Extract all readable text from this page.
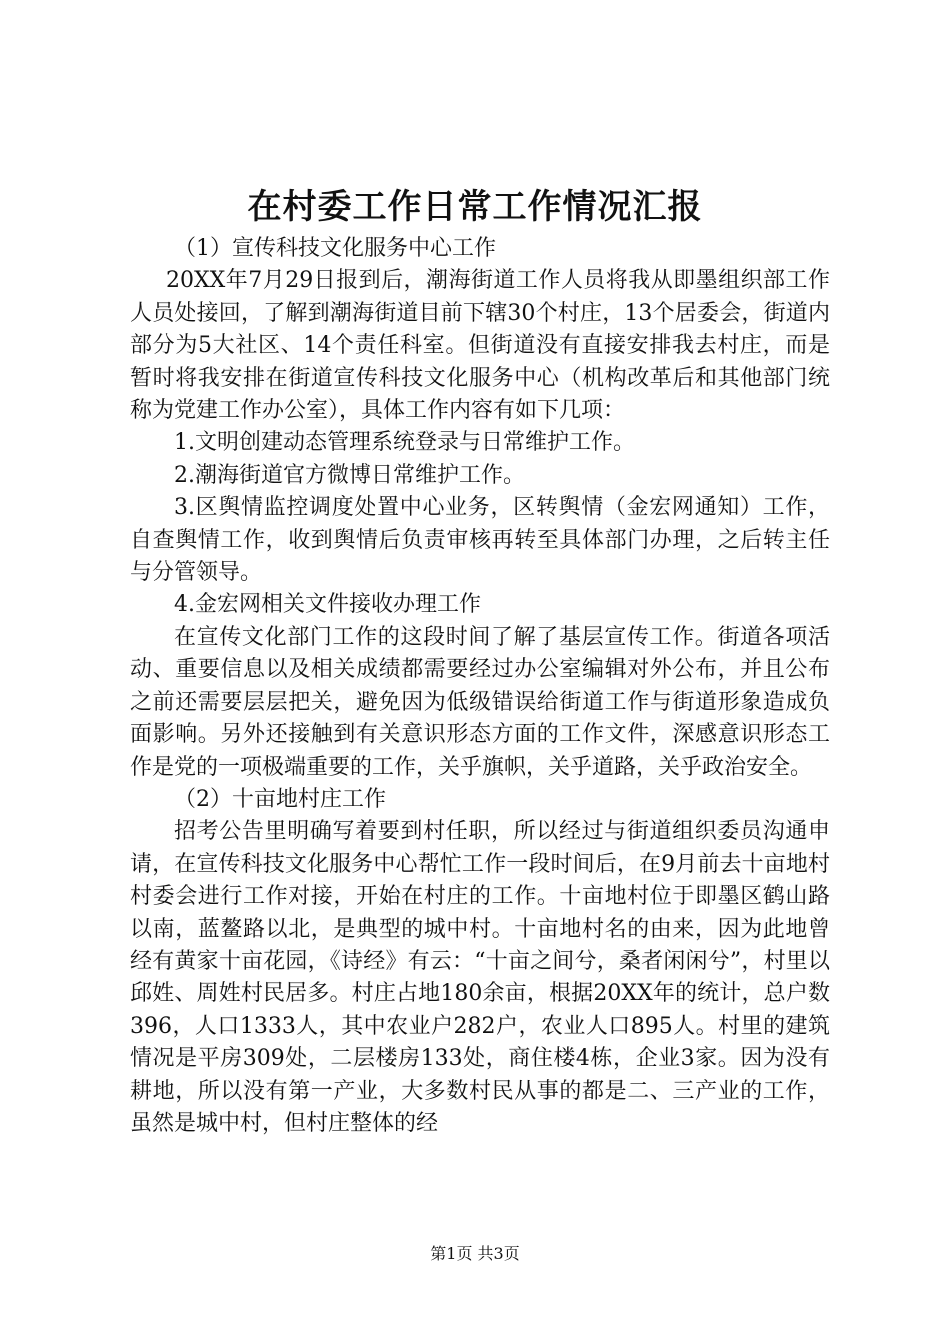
在村委工作日常工作情况汇报

（1）宣传科技文化服务中心工作

20XX年7月29日报到后，潮海街道工作人员将我从即墨组织部工作人员处接回，了解到潮海街道目前下辖30个村庄，13个居委会，街道内部分为5大社区、14个责任科室。但街道没有直接安排我去村庄，而是暂时将我安排在街道宣传科技文化服务中心（机构改革后和其他部门统称为党建工作办公室），具体工作内容有如下几项：

1.文明创建动态管理系统登录与日常维护工作。

2.潮海街道官方微博日常维护工作。

3.区舆情监控调度处置中心业务，区转舆情（金宏网通知）工作，自查舆情工作，收到舆情后负责审核再转至具体部门办理，之后转主任与分管领导。

4.金宏网相关文件接收办理工作

在宣传文化部门工作的这段时间了解了基层宣传工作。街道各项活动、重要信息以及相关成绩都需要经过办公室编辑对外公布，并且公布之前还需要层层把关，避免因为低级错误给街道工作与街道形象造成负面影响。另外还接触到有关意识形态方面的工作文件，深感意识形态工作是党的一项极端重要的工作，关乎旗帜，关乎道路，关乎政治安全。

（2）十亩地村庄工作

招考公告里明确写着要到村任职，所以经过与街道组织委员沟通申请，在宣传科技文化服务中心帮忙工作一段时间后，在9月前去十亩地村村委会进行工作对接，开始在村庄的工作。十亩地村位于即墨区鹤山路以南，蓝鳌路以北，是典型的城中村。十亩地村名的由来，因为此地曾经有黄家十亩花园，《诗经》有云：“十亩之间兮，桑者闲闲兮”，村里以邱姓、周姓村民居多。村庄占地180余亩，根据20XX年的统计，总户数396，人口1333人，其中农业户282户，农业人口895人。村里的建筑情况是平房309处，二层楼房133处，商住楼4栋，企业3家。因为没有耕地，所以没有第一产业，大多数村民从事的都是二、三产业的工作，虽然是城中村，但村庄整体的经

第1页 共3页
